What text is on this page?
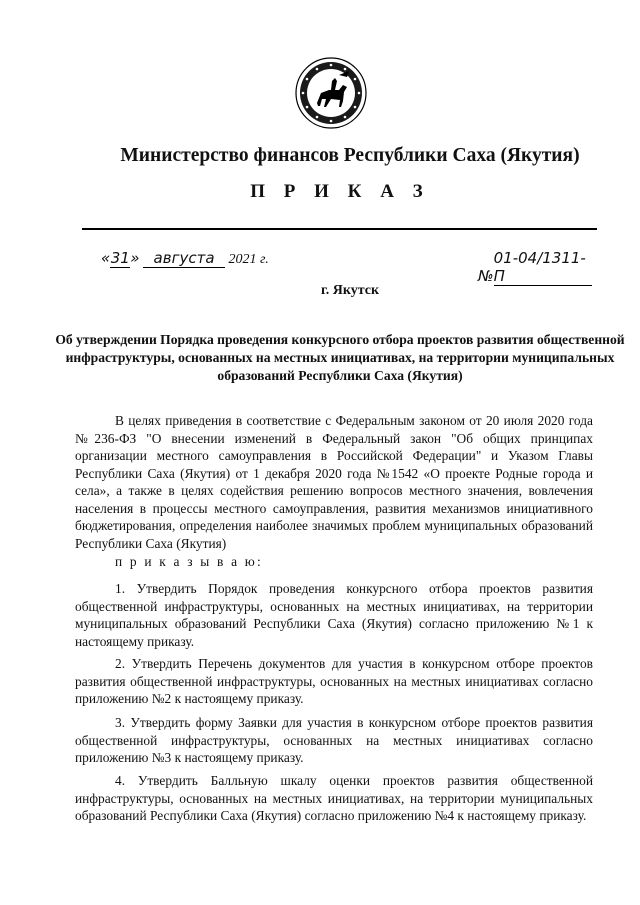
Министерство финансов Республики Саха (Якутия)
П Р И К А З
«31» августа 2021 г.
№01-04/1311-П
г. Якутск
Об утверждении Порядка проведения конкурсного отбора проектов развития общественной инфраструктуры, основанных на местных инициативах, на территории муниципальных образований Республики Саха (Якутия)
В целях приведения в соответствие с Федеральным законом от 20 июля 2020 года №236-ФЗ "О внесении изменений в Федеральный закон "Об общих принципах организации местного самоуправления в Российской Федерации" и Указом Главы Республики Саха (Якутия) от 1 декабря 2020 года №1542 «О проекте Родные города и села», а также в целях содействия решению вопросов местного значения, вовлечения населения в процессы местного самоуправления, развития механизмов инициативного бюджетирования, определения наиболее значимых проблем муниципальных образований Республики Саха (Якутия)
п р и к а з ы в а ю:
1. Утвердить Порядок проведения конкурсного отбора проектов развития общественной инфраструктуры, основанных на местных инициативах, на территории муниципальных образований Республики Саха (Якутия) согласно приложению №1 к настоящему приказу.
2. Утвердить Перечень документов для участия в конкурсном отборе проектов развития общественной инфраструктуры, основанных на местных инициативах согласно приложению №2 к настоящему приказу.
3. Утвердить форму Заявки для участия в конкурсном отборе проектов развития общественной инфраструктуры, основанных на местных инициативах согласно приложению №3 к настоящему приказу.
4. Утвердить Балльную шкалу оценки проектов развития общественной инфраструктуры, основанных на местных инициативах, на территории муниципальных образований Республики Саха (Якутия) согласно приложению №4 к настоящему приказу.
